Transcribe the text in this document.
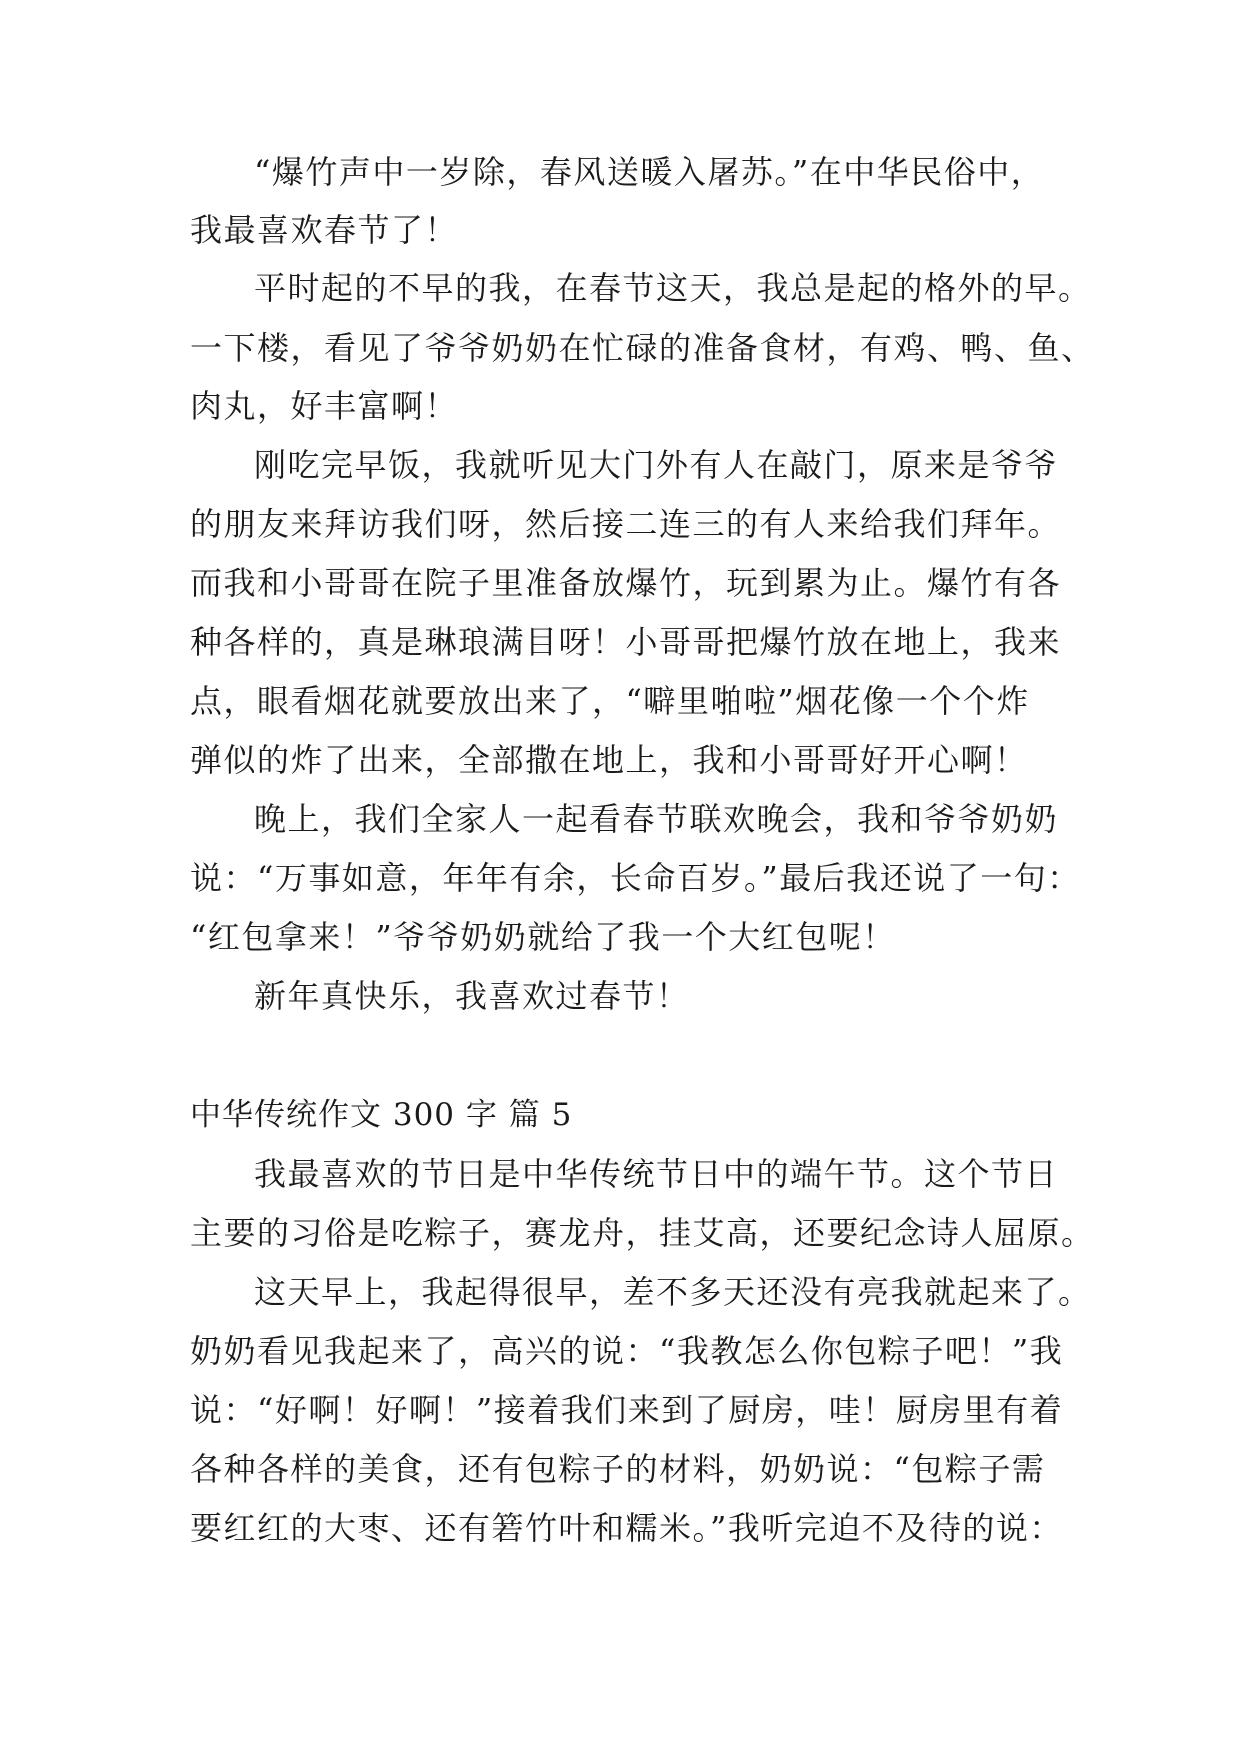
“爆竹声中一岁除，春风送暖入屠苏。”在中华民俗中，
我最喜欢春节了！
平时起的不早的我，在春节这天，我总是起的格外的早。
一下楼，看见了爷爷奶奶在忙碌的准备食材，有鸡、鸭、鱼、
肉丸，好丰富啊！
刚吃完早饭，我就听见大门外有人在敲门，原来是爷爷
的朋友来拜访我们呀，然后接二连三的有人来给我们拜年。
而我和小哥哥在院子里准备放爆竹，玩到累为止。爆竹有各
种各样的，真是琳琅满目呀！小哥哥把爆竹放在地上，我来
点，眼看烟花就要放出来了，“噼里啪啦”烟花像一个个炸
弹似的炸了出来，全部撒在地上，我和小哥哥好开心啊！
晚上，我们全家人一起看春节联欢晚会，我和爷爷奶奶
说：“万事如意，年年有余，长命百岁。”最后我还说了一句：
“红包拿来！”爷爷奶奶就给了我一个大红包呢！
新年真快乐，我喜欢过春节！
中华传统作文 300 字 篇 5
我最喜欢的节日是中华传统节日中的端午节。这个节日
主要的习俗是吃粽子，赛龙舟，挂艾高，还要纪念诗人屈原。
这天早上，我起得很早，差不多天还没有亮我就起来了。
奶奶看见我起来了，高兴的说：“我教怎么你包粽子吧！”我
说：“好啊！好啊！”接着我们来到了厨房，哇！厨房里有着
各种各样的美食，还有包粽子的材料，奶奶说：“包粽子需
要红红的大枣、还有箬竹叶和糯米。”我听完迫不及待的说：
